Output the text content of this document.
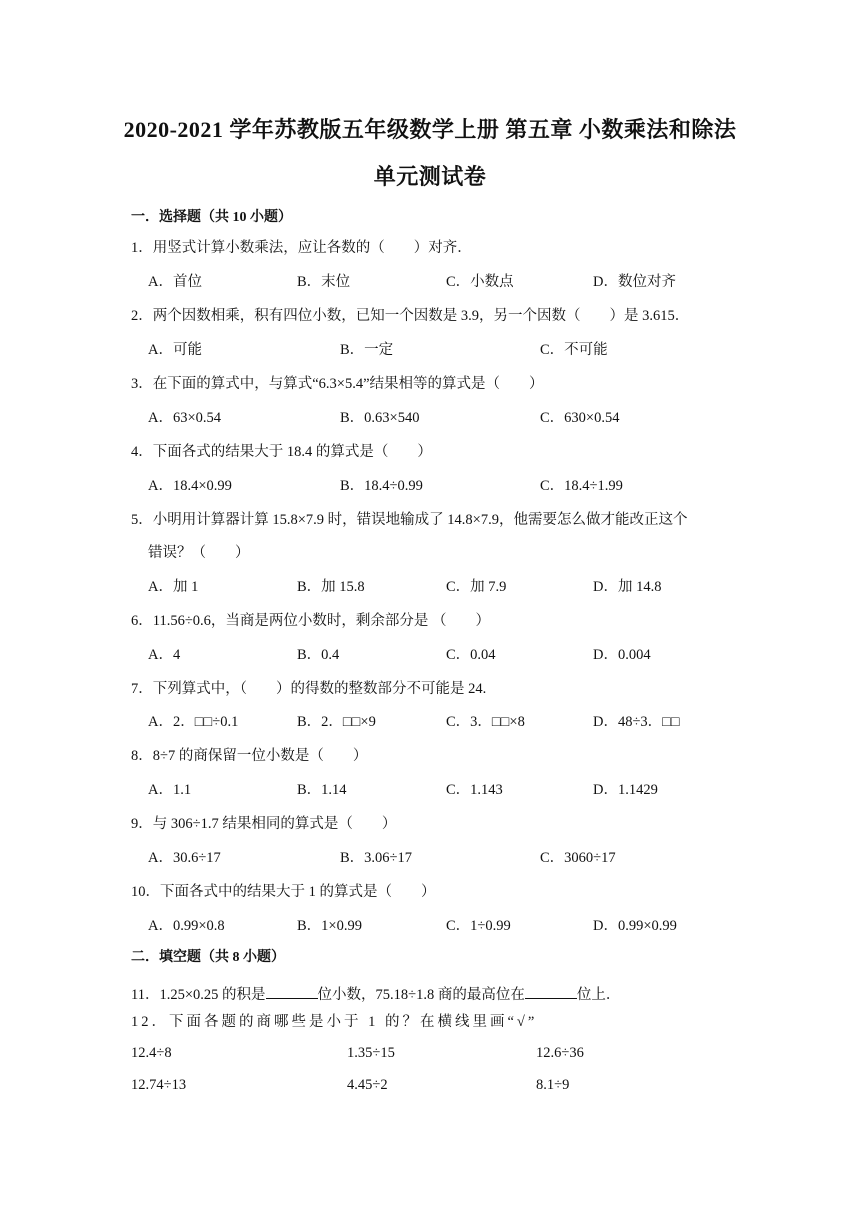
2020-2021 学年苏教版五年级数学上册 第五章 小数乘法和除法
单元测试卷
一．选择题（共 10 小题）
1．用竖式计算小数乘法，应让各数的（　　）对齐．
A．首位	B．末位	C．小数点	D．数位对齐
2．两个因数相乘，积有四位小数，已知一个因数是 3.9，另一个因数（　　）是 3.615．
A．可能	B．一定	C．不可能
3．在下面的算式中，与算式“6.3×5.4”结果相等的算式是（　　）
A．63×0.54	B．0.63×540	C．630×0.54
4．下面各式的结果大于 18.4 的算式是（　　）
A．18.4×0.99	B．18.4÷0.99	C．18.4÷1.99
5．小明用计算器计算 15.8×7.9 时，错误地输成了 14.8×7.9，他需要怎么做才能改正这个
错误？（　　）
A．加 1	B．加 15.8	C．加 7.9	D．加 14.8
6．11.56÷0.6，当商是两位小数时，剩余部分是 （　　）
A．4	B．0.4	C．0.04	D．0.004
7．下列算式中，（　　）的得数的整数部分不可能是 24.
A．2．□□÷0.1	B．2．□□×9	C．3．□□×8	D．48÷3．□□
8．8÷7 的商保留一位小数是（　　）
A．1.1	B．1.14	C．1.143	D．1.1429
9．与 306÷1.7 结果相同的算式是（　　）
A．30.6÷17	B．3.06÷17	C．3060÷17
10．下面各式中的结果大于 1 的算式是（　　）
A．0.99×0.8	B．1×0.99	C．1÷0.99	D．0.99×0.99
二．填空题（共 8 小题）
11．1.25×0.25 的积是	位小数，75.18÷1.8 商的最高位在	位上．
12．下面各题的商哪些是小于 1 的？在横线里画“√”
12.4÷8	1.35÷15	12.6÷36
12.74÷13	4.45÷2	8.1÷9
